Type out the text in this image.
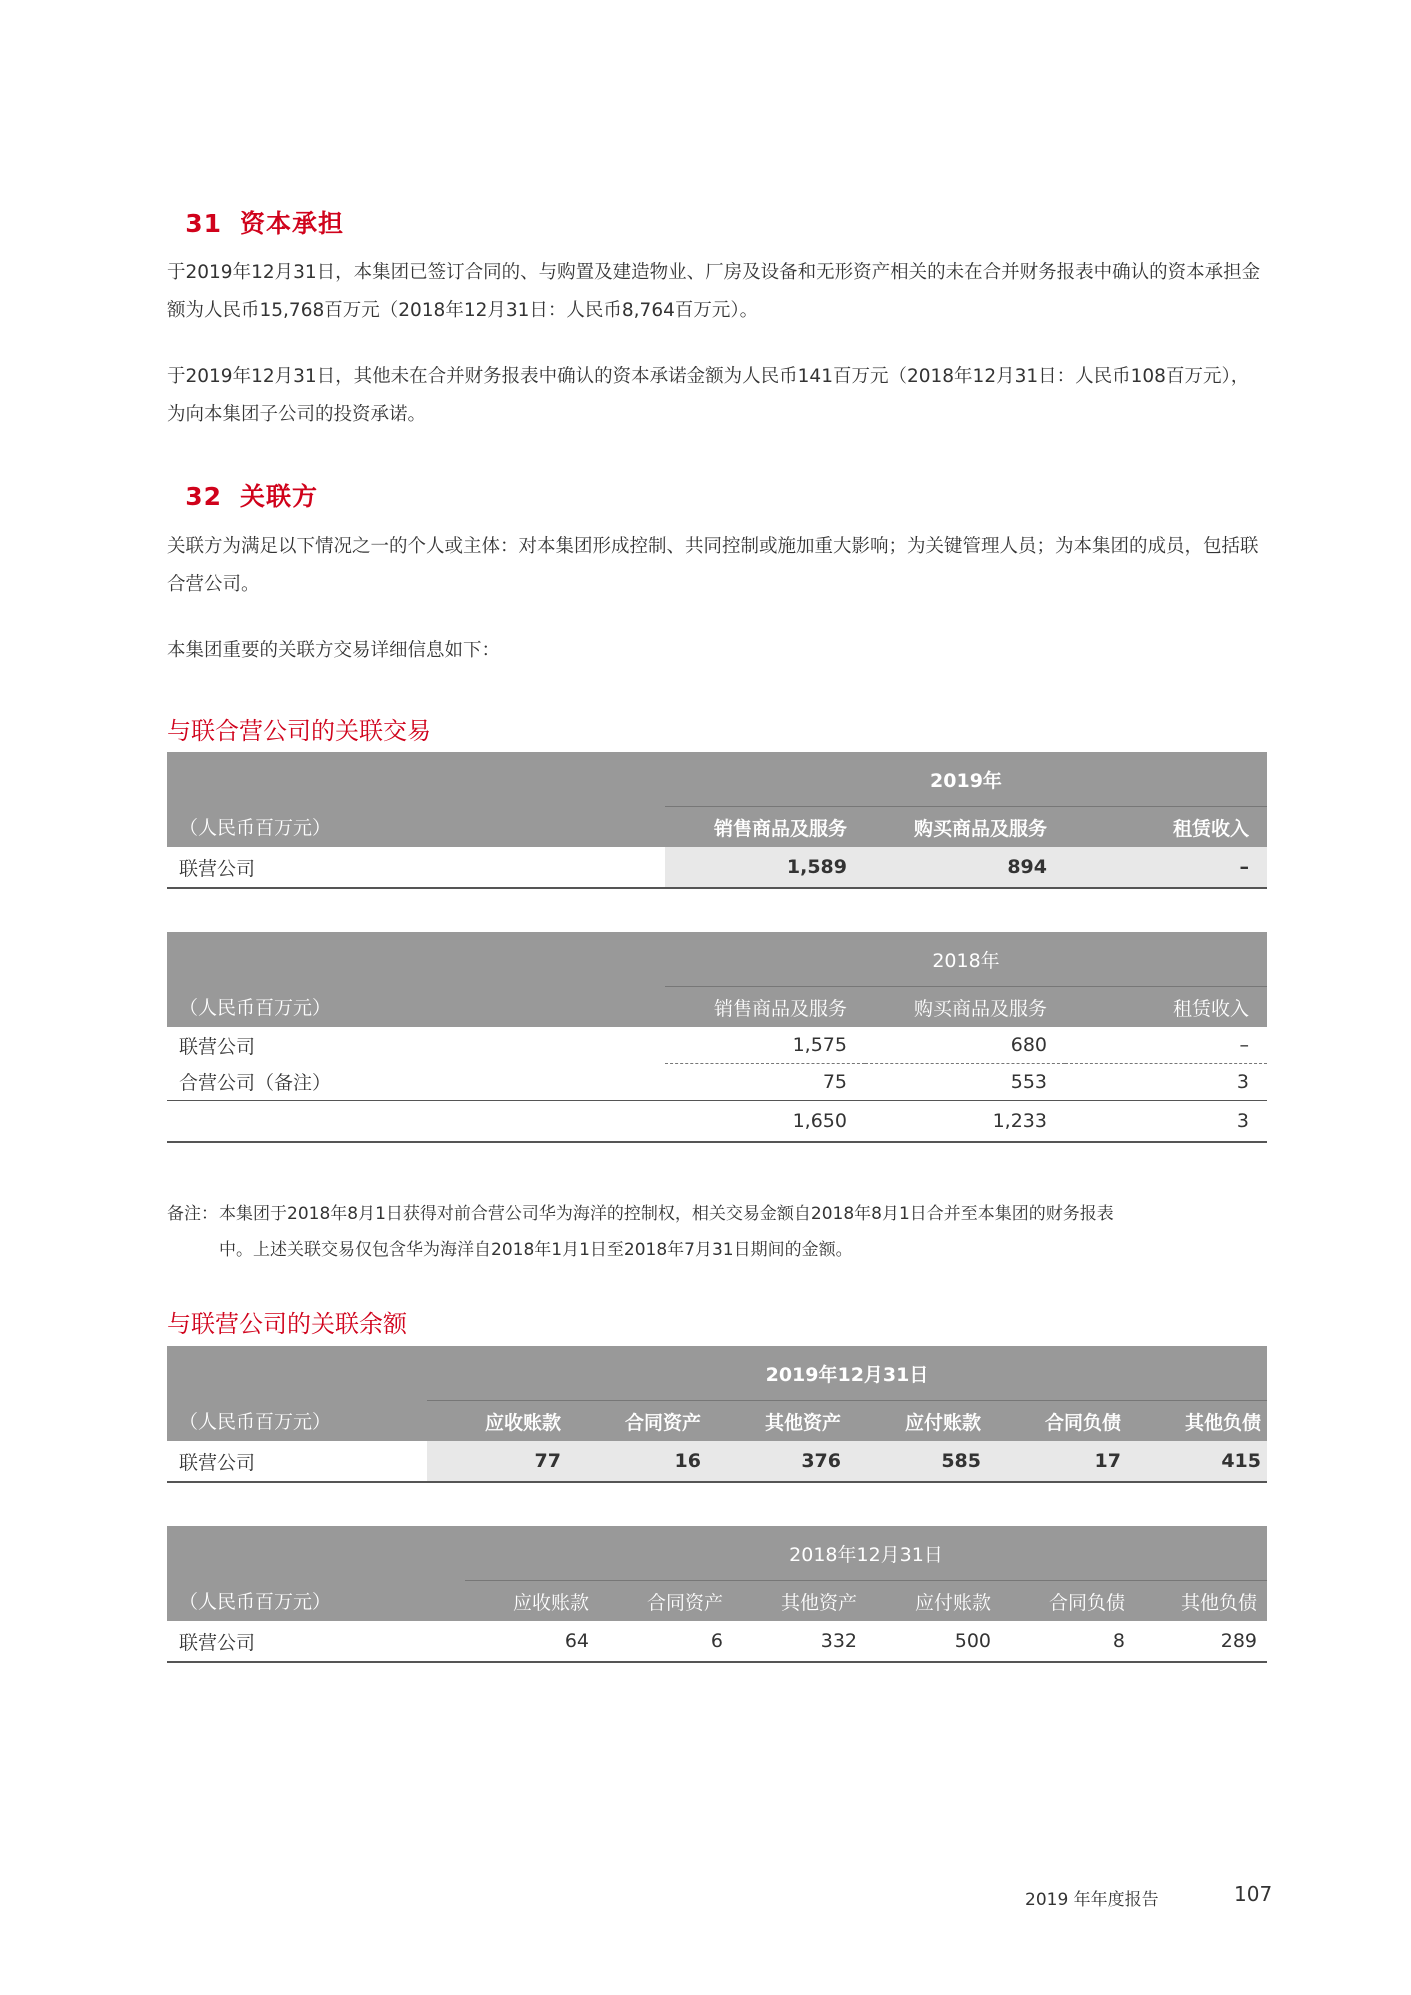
31 资本承担
于2019年12月31日，本集团已签订合同的、与购置及建造物业、厂房及设备和无形资产相关的未在合并财务报表中确认的资本承担金额为人民币15,768百万元（2018年12月31日：人民币8,764百万元）。
于2019年12月31日，其他未在合并财务报表中确认的资本承诺金额为人民币141百万元（2018年12月31日：人民币108百万元），为向本集团子公司的投资承诺。
32 关联方
关联方为满足以下情况之一的个人或主体：对本集团形成控制、共同控制或施加重大影响；为关键管理人员；为本集团的成员，包括联合营公司。
本集团重要的关联方交易详细信息如下：
与联合营公司的关联交易
	2019年		
（人民币百万元）	销售商品及服务	购买商品及服务	租赁收入
联营公司	1,589	894	–
	2018年		
（人民币百万元）	销售商品及服务	购买商品及服务	租赁收入
联营公司	1,575	680	–
合营公司（备注）	75	553	3
	1,650	1,233	3
备注： 本集团于2018年8月1日获得对前合营公司华为海洋的控制权，相关交易金额自2018年8月1日合并至本集团的财务报表
中。上述关联交易仅包含华为海洋自2018年1月1日至2018年7月31日期间的金额。
与联营公司的关联余额
	2019年12月31日					
（人民币百万元）	应收账款	合同资产	其他资产	应付账款	合同负债	其他负债
联营公司	77	16	376	585	17	415
	2018年12月31日					
（人民币百万元）	应收账款	合同资产	其他资产	应付账款	合同负债	其他负债
联营公司	64	6	332	500	8	289
2019 年年度报告	107
